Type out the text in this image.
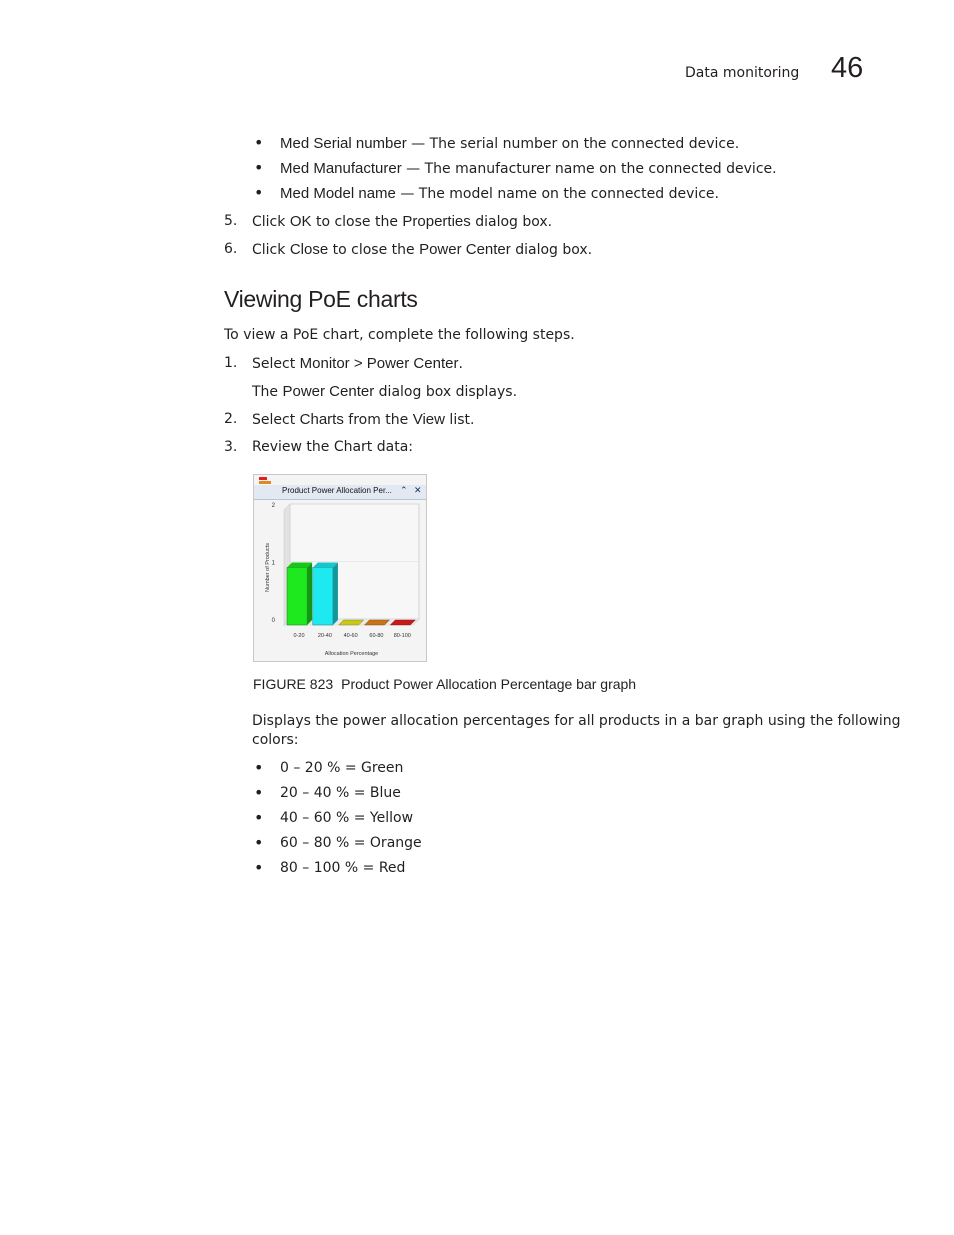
Data monitoring 46
• Med Serial number — The serial number on the connected device.
• Med Manufacturer — The manufacturer name on the connected device.
• Med Model name — The model name on the connected device.
5. Click OK to close the Properties dialog box.
6. Click Close to close the Power Center dialog box.
Viewing PoE charts
To view a PoE chart, complete the following steps.
1. Select Monitor > Power Center.
The Power Center dialog box displays.
2. Select Charts from the View list.
3. Review the Chart data:
Product Power Allocation Per... ⌃ ✕
0
1
2
0-20 20-40 40-60 60-80 80-100
Allocation Percentage
Number of Products
FIGURE 823 Product Power Allocation Percentage bar graph
Displays the power allocation percentages for all products in a bar graph using the following
colors:
• 0 – 20 % = Green
• 20 – 40 % = Blue
• 40 – 60 % = Yellow
• 60 – 80 % = Orange
• 80 – 100 % = Red
